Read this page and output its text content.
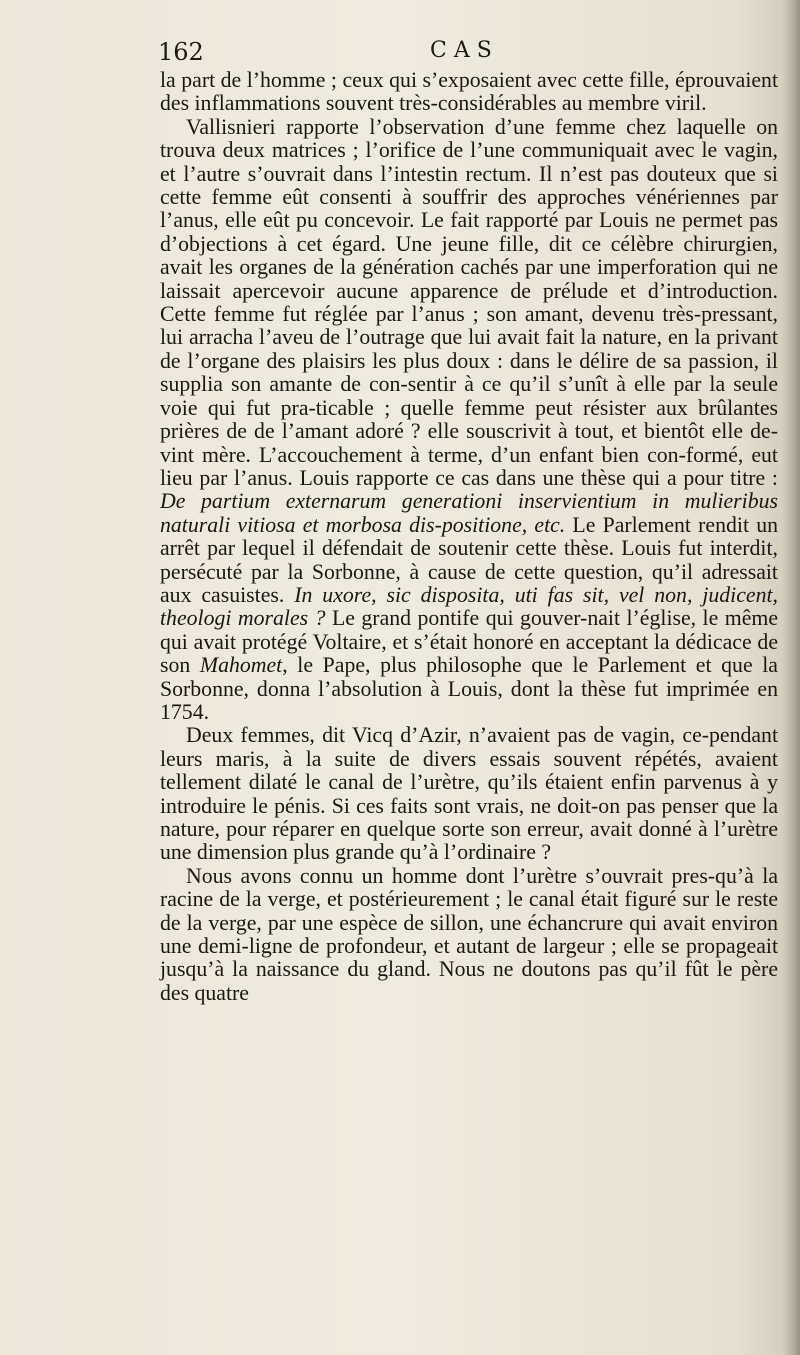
162	CAS

la part de l’homme ; ceux qui s’exposaient avec cette fille, éprouvaient des inflammations souvent très-considérables au membre viril.

Vallisnieri rapporte l’observation d’une femme chez laquelle on trouva deux matrices ; l’orifice de l’une communiquait avec le vagin, et l’autre s’ouvrait dans l’intestin rectum. Il n’est pas douteux que si cette femme eût consenti à souffrir des approches vénériennes par l’anus, elle eût pu concevoir. Le fait rapporté par Louis ne permet pas d’objections à cet égard. Une jeune fille, dit ce célèbre chirurgien, avait les organes de la génération cachés par une imperforation qui ne laissait apercevoir aucune apparence de prélude et d’introduction. Cette femme fut réglée par l’anus ; son amant, devenu très-pressant, lui arracha l’aveu de l’outrage que lui avait fait la nature, en la privant de l’organe des plaisirs les plus doux : dans le délire de sa passion, il supplia son amante de con-sentir à ce qu’il s’unît à elle par la seule voie qui fut pra-ticable ; quelle femme peut résister aux brûlantes prières de de l’amant adoré ? elle souscrivit à tout, et bientôt elle de-vint mère. L’accouchement à terme, d’un enfant bien con-formé, eut lieu par l’anus. Louis rapporte ce cas dans une thèse qui a pour titre : De partium externarum generationi inservientium in mulieribus naturali vitiosa et morbosa dis-positione, etc. Le Parlement rendit un arrêt par lequel il défendait de soutenir cette thèse. Louis fut interdit, persécuté par la Sorbonne, à cause de cette question, qu’il adressait aux casuistes. In uxore, sic disposita, uti fas sit, vel non, judicent, theologi morales ? Le grand pontife qui gouver-nait l’église, le même qui avait protégé Voltaire, et s’était honoré en acceptant la dédicace de son Mahomet, le Pape, plus philosophe que le Parlement et que la Sorbonne, donna l’absolution à Louis, dont la thèse fut imprimée en 1754.

Deux femmes, dit Vicq d’Azir, n’avaient pas de vagin, ce-pendant leurs maris, à la suite de divers essais souvent répétés, avaient tellement dilaté le canal de l’urètre, qu’ils étaient enfin parvenus à y introduire le pénis. Si ces faits sont vrais, ne doit-on pas penser que la nature, pour réparer en quelque sorte son erreur, avait donné à l’urètre une dimension plus grande qu’à l’ordinaire ?

Nous avons connu un homme dont l’urètre s’ouvrait pres-qu’à la racine de la verge, et postérieurement ; le canal était figuré sur le reste de la verge, par une espèce de sillon, une échancrure qui avait environ une demi-ligne de profondeur, et autant de largeur ; elle se propageait jusqu’à la naissance du gland. Nous ne doutons pas qu’il fût le père des quatre
